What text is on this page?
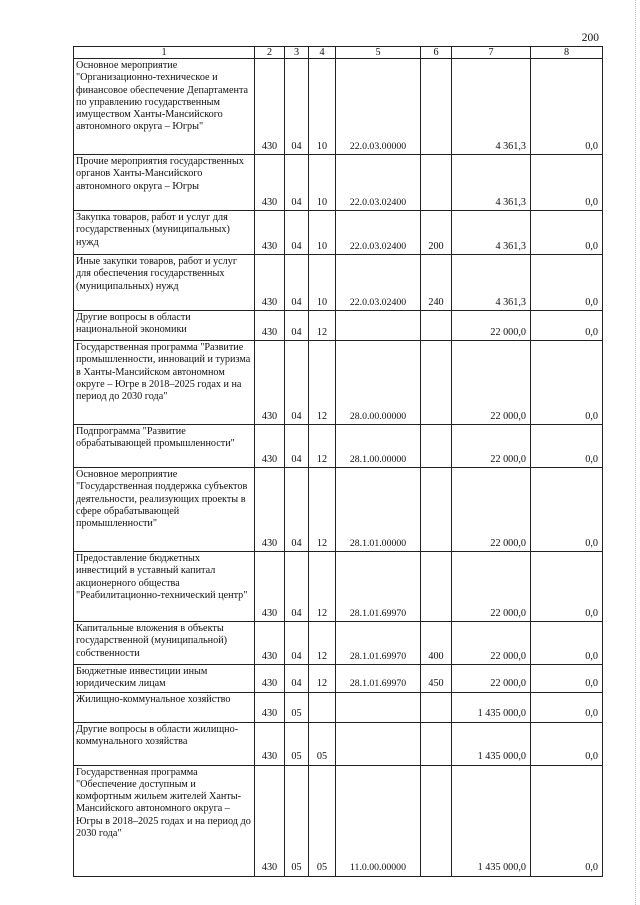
200
1	2	3	4	5	6	7	8
Основное мероприятие "Организационно-техническое и финансовое обеспечение Департамента по управлению государственным имуществом Ханты-Мансийского автономного округа – Югры"	430	04	10	22.0.03.00000		4 361,3	0,0
Прочие мероприятия государственных органов Ханты-Мансийского автономного округа – Югры	430	04	10	22.0.03.02400		4 361,3	0,0
Закупка товаров, работ и услуг для государственных (муниципальных) нужд	430	04	10	22.0.03.02400	200	4 361,3	0,0
Иные закупки товаров, работ и услуг для обеспечения государственных (муниципальных) нужд	430	04	10	22.0.03.02400	240	4 361,3	0,0
Другие вопросы в области национальной экономики	430	04	12			22 000,0	0,0
Государственная программа "Развитие промышленности, инноваций и туризма в Ханты-Мансийском автономном округе – Югре в 2018–2025 годах и на период до 2030 года"	430	04	12	28.0.00.00000		22 000,0	0,0
Подпрограмма "Развитие обрабатывающей промышленности"	430	04	12	28.1.00.00000		22 000,0	0,0
Основное мероприятие "Государственная поддержка субъектов деятельности, реализующих проекты в сфере обрабатывающей промышленности"	430	04	12	28.1.01.00000		22 000,0	0,0
Предоставление бюджетных инвестиций в уставный капитал акционерного общества "Реабилитационно-технический центр"	430	04	12	28.1.01.69970		22 000,0	0,0
Капитальные вложения в объекты государственной (муниципальной) собственности	430	04	12	28.1.01.69970	400	22 000,0	0,0
Бюджетные инвестиции иным юридическим лицам	430	04	12	28.1.01.69970	450	22 000,0	0,0
Жилищно-коммунальное хозяйство	430	05				1 435 000,0	0,0
Другие вопросы в области жилищно-коммунального хозяйства	430	05	05			1 435 000,0	0,0
Государственная программа "Обеспечение доступным и комфортным жильем жителей Ханты-Мансийского автономного округа – Югры в 2018–2025 годах и на период до 2030 года"	430	05	05	11.0.00.00000		1 435 000,0	0,0
